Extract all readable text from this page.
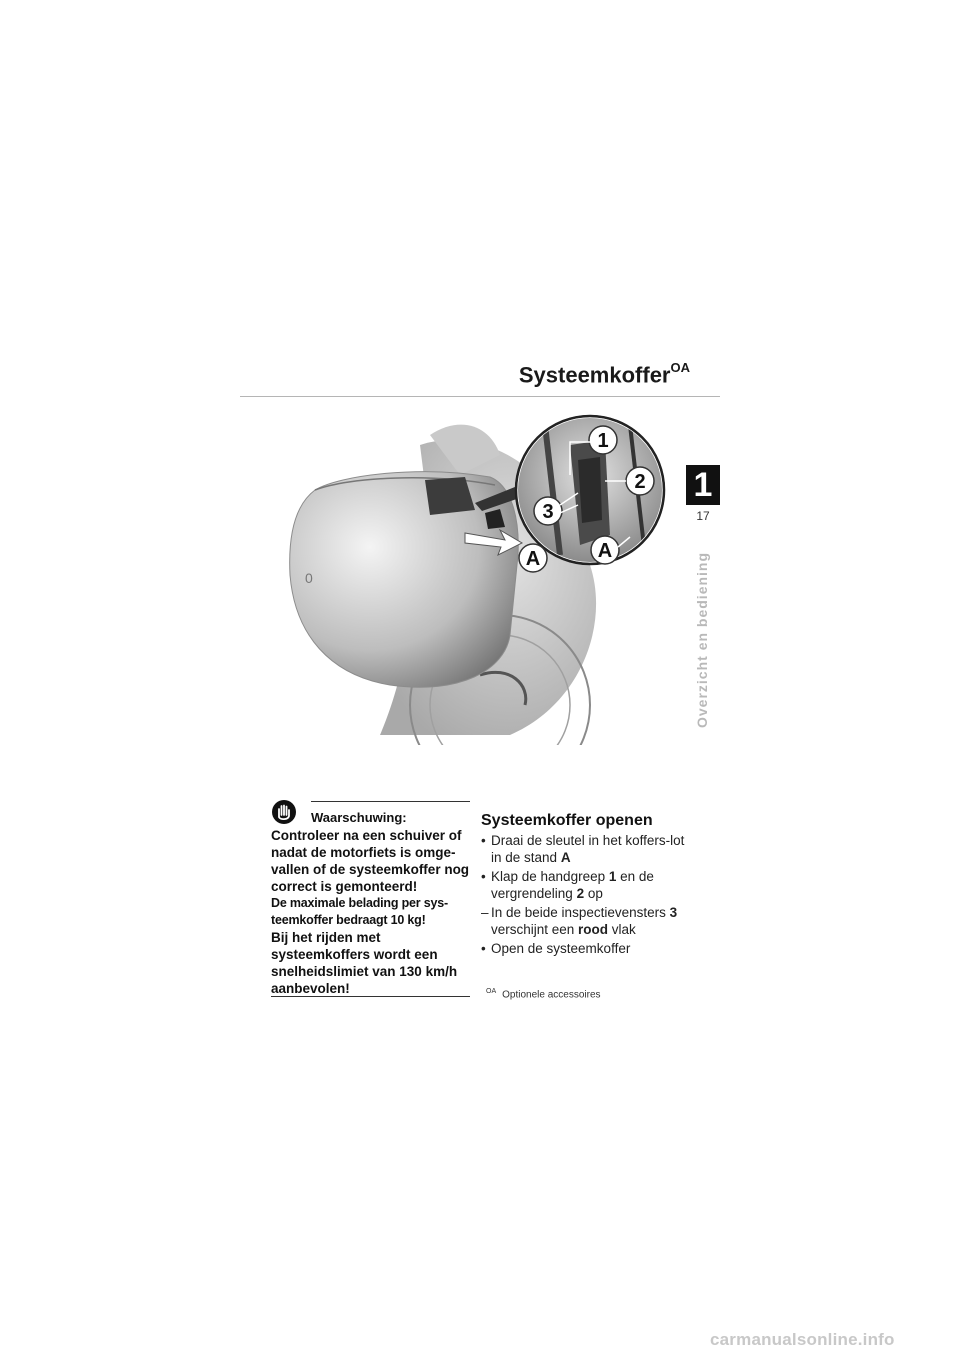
Systeemkoffer$^{OA}$
1
17
Overzicht en bediening
0
1
2
3
A	A
Waarschuwing:

Controleer na een schuiver of nadat de motorfiets is omge-vallen of de systeemkoffer nog correct is gemonteerd!

De maximale belading per sys-teemkoffer bedraagt 10 kg!

Bij het rijden met systeemkoffers wordt een snelheidslimiet van 130 km/h aanbevolen!

Systeemkoffer openen
• Draai de sleutel in het koffers-lot in de stand A
• Klap de handgreep 1 en de vergrendeling 2 op
– In de beide inspectievensters 3 verschijnt een rood vlak
• Open de systeemkoffer
$^{OA}$ Optionele accessoires
carmanualsonline.info
